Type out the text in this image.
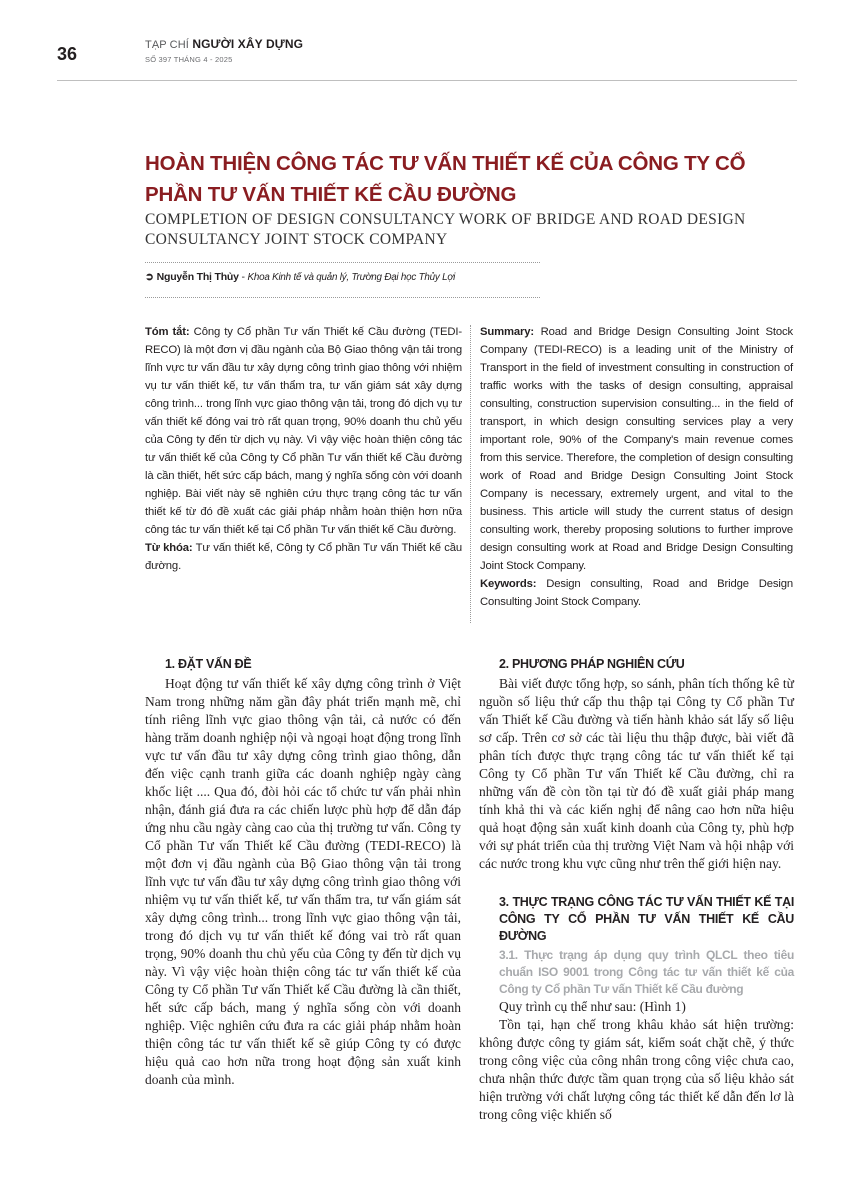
36	TẠP CHÍ NGƯỜI XÂY DỰNG
SỐ 397 THÁNG 4 - 2025
HOÀN THIỆN CÔNG TÁC TƯ VẤN THIẾT KẾ CỦA CÔNG TY CỔ PHẦN TƯ VẤN THIẾT KẾ CẦU ĐƯỜNG
COMPLETION OF DESIGN CONSULTANCY WORK OF BRIDGE AND ROAD DESIGN CONSULTANCY JOINT STOCK COMPANY
➲ Nguyễn Thị Thủy - Khoa Kinh tế và quản lý, Trường Đại học Thủy Lợi

Tóm tắt: Công ty Cổ phần Tư vấn Thiết kế Cầu đường (TEDI-RECO) là một đơn vị đầu ngành của Bộ Giao thông vận tải trong lĩnh vực tư vấn đầu tư xây dựng công trình giao thông với nhiệm vụ tư vấn thiết kế, tư vấn thẩm tra, tư vấn giám sát xây dựng công trình... trong lĩnh vực giao thông vận tải, trong đó dịch vụ tư vấn thiết kế đóng vai trò rất quan trọng, 90% doanh thu chủ yếu của Công ty đến từ dịch vụ này. Vì vậy việc hoàn thiện công tác tư vấn thiết kế của Công ty Cổ phần Tư vấn thiết kế Cầu đường là cần thiết, hết sức cấp bách, mang ý nghĩa sống còn với doanh nghiệp. Bài viết này sẽ nghiên cứu thực trạng công tác tư vấn thiết kế từ đó đề xuất các giải pháp nhằm hoàn thiện hơn nữa công tác tư vấn thiết kế tại Cổ phần Tư vấn thiết kế Cầu đường.

Từ khóa: Tư vấn thiết kế, Công ty Cổ phần Tư vấn Thiết kế cầu đường.

Summary: Road and Bridge Design Consulting Joint Stock Company (TEDI-RECO) is a leading unit of the Ministry of Transport in the field of investment consulting in construction of traffic works with the tasks of design consulting, appraisal consulting, construction supervision consulting... in the field of transport, in which design consulting services play a very important role, 90% of the Company's main revenue comes from this service. Therefore, the completion of design consulting work of Road and Bridge Design Consulting Joint Stock Company is necessary, extremely urgent, and vital to the business. This article will study the current status of design consulting work, thereby proposing solutions to further improve design consulting work at Road and Bridge Design Consulting Joint Stock Company.

Keywords: Design consulting, Road and Bridge Design Consulting Joint Stock Company.

1. ĐẶT VẤN ĐỀ

Hoạt động tư vấn thiết kế xây dựng công trình ở Việt Nam trong những năm gần đây phát triển mạnh mẽ, chỉ tính riêng lĩnh vực giao thông vận tải, cả nước có đến hàng trăm doanh nghiệp nội và ngoại hoạt động trong lĩnh vực tư vấn đầu tư xây dựng công trình giao thông, dẫn đến việc cạnh tranh giữa các doanh nghiệp ngày càng khốc liệt .... Qua đó, đòi hỏi các tổ chức tư vấn phải nhìn nhận, đánh giá đưa ra các chiến lược phù hợp để dẫn đáp ứng nhu cầu ngày càng cao của thị trường tư vấn. Công ty Cổ phần Tư vấn Thiết kế Cầu đường (TEDI-RECO) là một đơn vị đầu ngành của Bộ Giao thông vận tải trong lĩnh vực tư vấn đầu tư xây dựng công trình giao thông với nhiệm vụ tư vấn thiết kế, tư vấn thẩm tra, tư vấn giám sát xây dựng công trình... trong lĩnh vực giao thông vận tải, trong đó dịch vụ tư vấn thiết kế đóng vai trò rất quan trọng, 90% doanh thu chủ yếu của Công ty đến từ dịch vụ này. Vì vậy việc hoàn thiện công tác tư vấn thiết kế của Công ty Cổ phần Tư vấn Thiết kế Cầu đường là cần thiết, hết sức cấp bách, mang ý nghĩa sống còn với doanh nghiệp. Việc nghiên cứu đưa ra các giải pháp nhằm hoàn thiện công tác tư vấn thiết kế sẽ giúp Công ty có được hiệu quả cao hơn nữa trong hoạt động sản xuất kinh doanh của mình.

2. PHƯƠNG PHÁP NGHIÊN CỨU

Bài viết được tổng hợp, so sánh, phân tích thống kê từ nguồn số liệu thứ cấp thu thập tại Công ty Cổ phần Tư vấn Thiết kế Cầu đường và tiến hành khảo sát lấy số liệu sơ cấp. Trên cơ sở các tài liệu thu thập được, bài viết đã phân tích được thực trạng công tác tư vấn thiết kế tại Công ty Cổ phần Tư vấn Thiết kế Cầu đường, chỉ ra những vấn đề còn tồn tại từ đó đề xuất giải pháp mang tính khả thi và các kiến nghị để nâng cao hơn nữa hiệu quả hoạt động sản xuất kinh doanh của Công ty, phù hợp với sự phát triển của thị trường Việt Nam và hội nhập với các nước trong khu vực cũng như trên thế giới hiện nay.

3. THỰC TRẠNG CÔNG TÁC TƯ VẤN THIẾT KẾ TẠI CÔNG TY CỔ PHẦN TƯ VẤN THIẾT KẾ CẦU ĐƯỜNG
3.1. Thực trạng áp dụng quy trình QLCL theo tiêu chuẩn ISO 9001 trong Công tác tư vấn thiết kế của Công ty Cổ phần Tư vấn Thiết kế Cầu đường

Quy trình cụ thể như sau: (Hình 1)

Tồn tại, hạn chế trong khâu khảo sát hiện trường: không được công ty giám sát, kiểm soát chặt chẽ, ý thức trong công việc của công nhân trong công việc chưa cao, chưa nhận thức được tầm quan trọng của số liệu khảo sát hiện trường với chất lượng công tác thiết kế dẫn đến lơ là trong công việc khiến số
